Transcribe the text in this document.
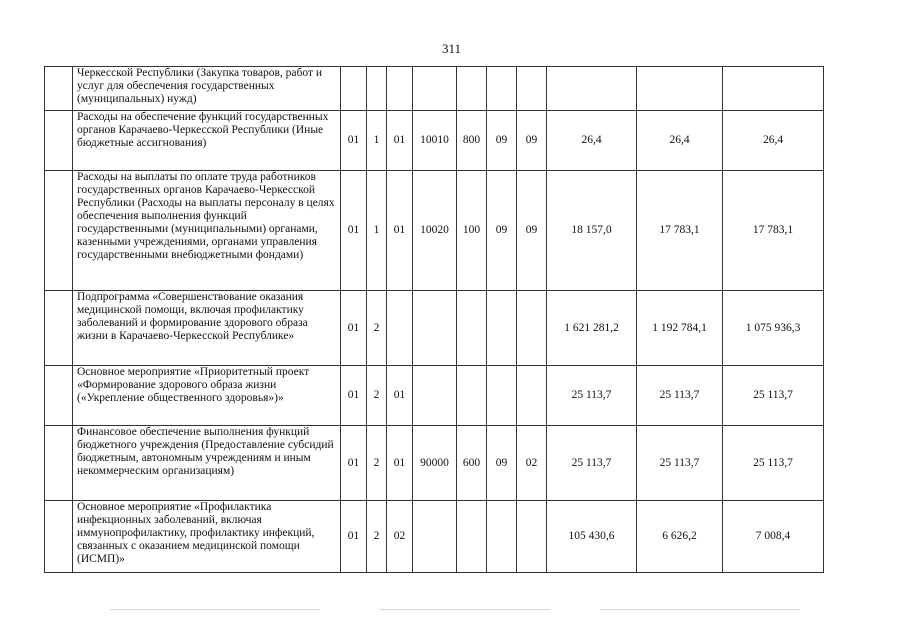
311
	Черкесской Республики (Закупка товаров, работ и услуг для обеспечения государственных (муниципальных) нужд)										
	Расходы на обеспечение функций государственных органов Карачаево-Черкесской Республики (Иные бюджетные ассигнования)	01	1	01	10010	800	09	09	26,4	26,4	26,4
	Расходы на выплаты по оплате труда работников государственных органов Карачаево-Черкесской Республики (Расходы на выплаты персоналу в целях обеспечения выполнения функций государственными (муниципальными) органами, казенными учреждениями, органами управления государственными внебюджетными фондами)	01	1	01	10020	100	09	09	18 157,0	17 783,1	17 783,1
	Подпрограмма «Совершенствование оказания медицинской помощи, включая профилактику заболеваний и формирование здорового образа жизни в Карачаево-Черкесской Республике»	01	2						1 621 281,2	1 192 784,1	1 075 936,3
	Основное мероприятие «Приоритетный проект «Формирование здорового образа жизни («Укрепление общественного здоровья»)»	01	2	01					25 113,7	25 113,7	25 113,7
	Финансовое обеспечение выполнения функций бюджетного учреждения (Предоставление субсидий бюджетным, автономным учреждениям и иным некоммерческим организациям)	01	2	01	90000	600	09	02	25 113,7	25 113,7	25 113,7
	Основное мероприятие «Профилактика инфекционных заболеваний, включая иммунопрофилактику, профилактику инфекций, связанных с оказанием медицинской помощи (ИСМП)»	01	2	02					105 430,6	6 626,2	7 008,4
